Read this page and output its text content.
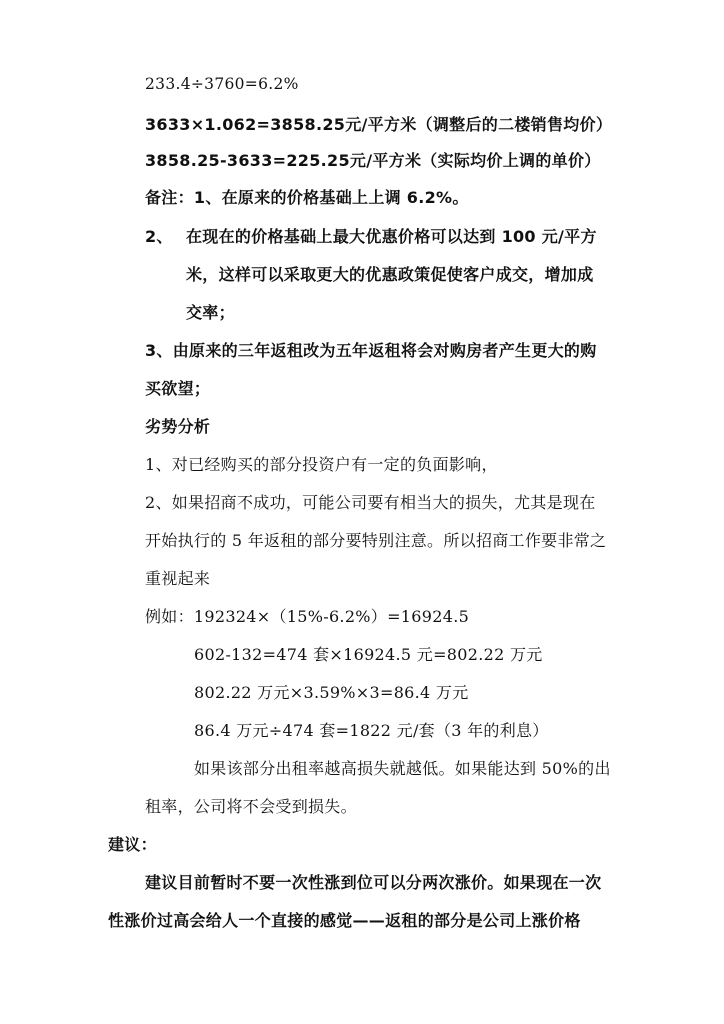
233.4÷3760=6.2%
3633×1.062=3858.25元/平方米（调整后的二楼销售均价）
3858.25-3633=225.25元/平方米（实际均价上调的单价）
备注：1、在原来的价格基础上上调 6.2%。
2、 在现在的价格基础上最大优惠价格可以达到 100 元/平方
米，这样可以采取更大的优惠政策促使客户成交，增加成
交率；
3、由原来的三年返租改为五年返租将会对购房者产生更大的购
买欲望；
劣势分析
1、对已经购买的部分投资户有一定的负面影响，
2、如果招商不成功，可能公司要有相当大的损失，尤其是现在
开始执行的 5 年返租的部分要特别注意。所以招商工作要非常之
重视起来
例如：192324×（15%-6.2%）=16924.5
602-132=474 套×16924.5 元=802.22 万元
802.22 万元×3.59%×3=86.4 万元
86.4 万元÷474 套=1822 元/套（3 年的利息）
如果该部分出租率越高损失就越低。如果能达到 50%的出
租率，公司将不会受到损失。
建议：
建议目前暂时不要一次性涨到位可以分两次涨价。如果现在一次
性涨价过高会给人一个直接的感觉——返租的部分是公司上涨价格
